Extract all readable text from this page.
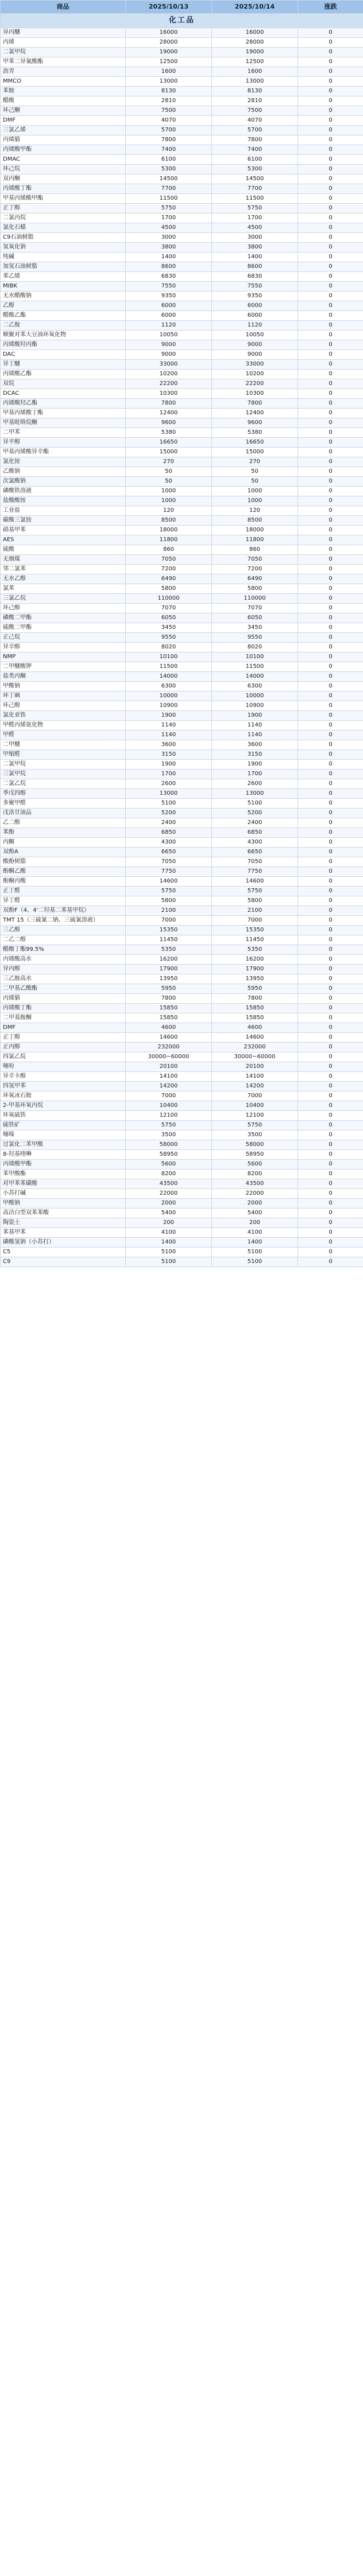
商品	2025/10/13	2025/10/14	涨跌
化工品			
异丙醚	16000	16000	0
丙烯	28000	28000	0
二氯甲烷	19000	19000	0
甲苯二异氰酸酯	12500	12500	0
沥青	1600	1600	0
MMCO	13000	13000	0
苯胺	8130	8130	0
醋酸	2810	2810	0
环己酮	7500	7500	0
DMF	4070	4070	0
三氯乙烯	5700	5700	0
丙烯腈	7800	7800	0
丙烯酸甲酯	7400	7400	0
DMAC	6100	6100	0
环己烷	5300	5300	0
双丙酮	14500	14500	0
丙烯酸丁酯	7700	7700	0
甲基丙烯酸甲酯	11500	11500	0
正丁醇	5750	5750	0
二氯丙烷	1700	1700	0
氯化石蜡	4500	4500	0
C9石油树脂	3000	3000	0
氢氧化钠	3800	3800	0
纯碱	1400	1400	0
加氢石油树脂	8600	8600	0
苯乙烯	6830	6830	0
MIBK	7550	7550	0
无水醋酸钠	9350	9350	0
乙醇	6000	6000	0
醋酸乙酯	6000	6000	0
二乙胺	1120	1120	0
顺聚对苯大豆油环氧化物	10050	10050	0
丙烯酸羟丙酯	9000	9000	0
DAC	9000	9000	0
异丁醚	33000	33000	0
丙烯酸乙酯	10200	10200	0
双烷	22200	22200	0
DCAC	10300	10300	0
丙烯酸羟乙酯	7800	7800	0
甲基丙烯酸丁酯	12400	12400	0
甲基吡咯烷酮	9600	9600	0
二甲苯	5380	5380	0
异平醇	16650	16650	0
甲基丙烯酸异辛酯	15000	15000	0
氯化铵	270	270	0
乙酸钠	50	50	0
次氯酸钠	50	50	0
磷酸铁溶液	1000	1000	0
盐酸酸铵	1000	1000	0
工业盐	120	120	0
碳酸三氯铵	8500	8500	0
硝基甲苯	18000	18000	0
AES	11800	11800	0
硫酸	860	860	0
无烟煤	7050	7050	0
邻二氯苯	7200	7200	0
无水乙醇	6490	6490	0
氯苯	5800	5800	0
三氯乙烷	110000	110000	0
环己醇	7070	7070	0
磷酸二甲酯	6050	6050	0
硫酸二甲酯	3450	3450	0
正己烷	9550	9550	0
异辛醇	8020	8020	0
NMP	10100	10100	0
二甲醚酸钾	11500	11500	0
盐类丙酮	14000	14000	0
甲酸钠	6300	6300	0
环丁砜	10000	10000	0
环己醇	10900	10900	0
氯化亚铁	1900	1900	0
甲醛丙烯氨化物	1140	1140	0
甲醛	1140	1140	0
二甲醚	3600	3600	0
甲缩醛	3150	3150	0
二氯甲烷	1900	1900	0
三氯甲烷	1700	1700	0
二氯乙烷	2600	2600	0
季戊四醇	13000	13000	0
多聚甲醛	5100	5100	0
戊洛甘油品	5200	5200	0
乙二醇	2400	2400	0
苯酚	6850	6850	0
丙酮	4300	4300	0
双酚A	6650	6650	0
酸酚树脂	7050	7050	0
酚酮乙酸	7750	7750	0
酚酮丙酸	14600	14600	0
正丁醛	5750	5750	0
异丁醛	5800	5800	0
双酚F（4、4'二羟基二苯基甲烷）	2100	2100	0
TMT 15（三硫氰二钠、三硫氰溶液）	7000	7000	0
三乙醇	15350	15350	0
二乙二醇	11450	11450	0
醋酸丁酯99.5%	5350	5350	0
丙烯酸高水	16200	16200	0
异丙醇	17900	17900	0
三乙胺高水	13950	13950	0
二甲基乙酸酯	5950	5950	0
丙烯腈	7800	7800	0
丙烯酸丁酯	15850	15850	0
二甲基胺酮	15850	15850	0
DMF	4600	4600	0
正丁醇	14600	14600	0
正丙醇	232000	232000	0
四氯乙烷	30000~60000	30000~60000	0
噻吩	20100	20100	0
异辛卡醇	14100	14100	0
四氢甲苯	14200	14200	0
环氧冰石胺	7000	7000	0
2-甲基环氧丙烷	10400	10400	0
环氧硫铁	12100	12100	0
硫铁矿	5750	5750	0
噻嗪	3500	3500	0
过氯化二苯甲酸	58000	58000	0
8-羟基喹啉	58950	58950	0
丙烯酸甲酯	5600	5600	0
苯甲酸酯	8200	8200	0
对甲苯苯磺酸	43500	43500	0
小苏打碱	22000	22000	0
甲酸钠	2000	2000	0
高洁白型双苯苯酸	5400	5400	0
陶瓷土	200	200	0
苯基甲苯	4100	4100	0
磷酸氢钠（小苏打）	1400	1400	0
C5	5100	5100	0
C9	5100	5100	0
